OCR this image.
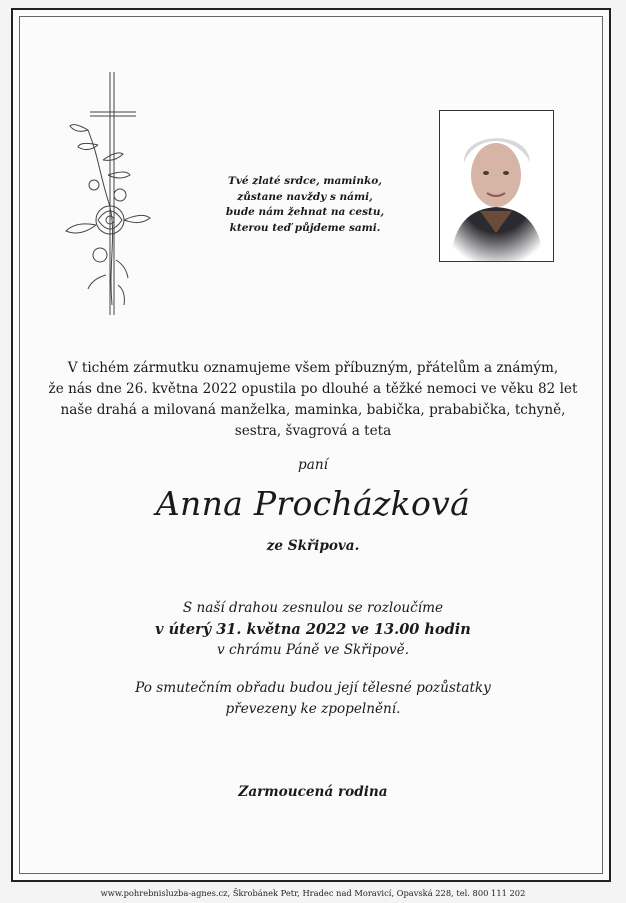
Tvé zlaté srdce, maminko,
zůstane navždy s námi,
bude nám žehnat na cestu,
kterou teď půjdeme sami.
V tichém zármutku oznamujeme všem příbuzným, přátelům a známým,
že nás dne 26. května 2022 opustila po dlouhé a těžké nemoci ve věku 82 let
naše drahá a milovaná manželka, maminka, babička, prababička, tchyně,
sestra, švagrová a teta
paní
Anna Procházková
ze Skřipova.
S naší drahou zesnulou se rozloučíme
v úterý 31. května 2022 ve 13.00 hodin
v chrámu Páně ve Skřipově.
Po smutečním obřadu budou její tělesné pozůstatky
převezeny ke zpopelnění.
Zarmoucená rodina
www.pohrebnisluzba-agnes.cz, Škrobánek Petr, Hradec nad Moravicí, Opavská 228, tel. 800 111 202
